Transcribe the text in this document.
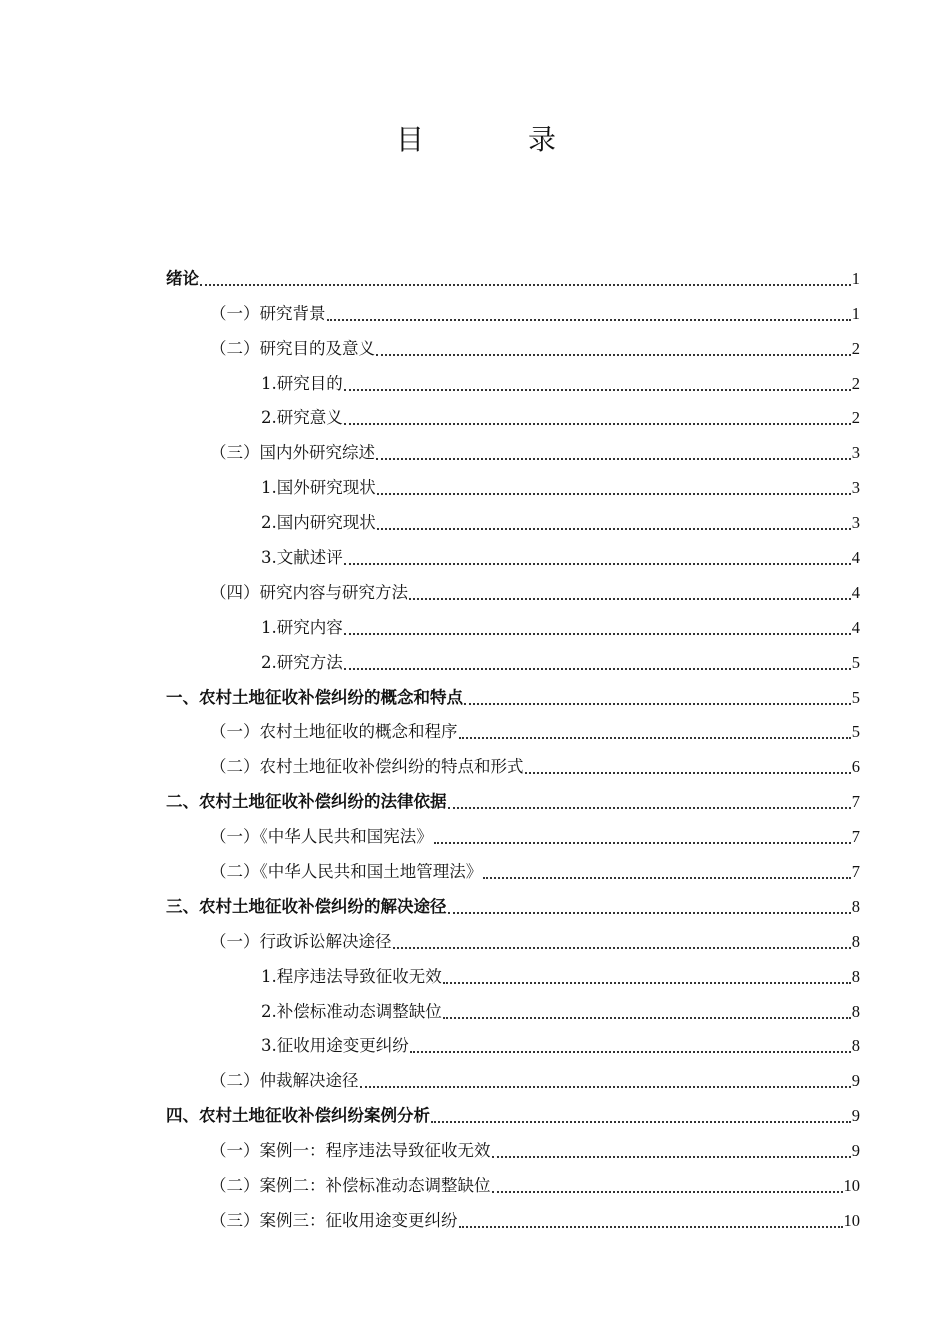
目　录
绪论	1
（一）研究背景	1
（二）研究目的及意义	2
1.研究目的	2
2.研究意义	2
（三）国内外研究综述	3
1.国外研究现状	3
2.国内研究现状	3
3.文献述评	4
（四）研究内容与研究方法	4
1.研究内容	4
2.研究方法	5
一、农村土地征收补偿纠纷的概念和特点	5
（一）农村土地征收的概念和程序	5
（二）农村土地征收补偿纠纷的特点和形式	6
二、农村土地征收补偿纠纷的法律依据	7
（一）《中华人民共和国宪法》	7
（二）《中华人民共和国土地管理法》	7
三、农村土地征收补偿纠纷的解决途径	8
（一）行政诉讼解决途径	8
1.程序违法导致征收无效	8
2.补偿标准动态调整缺位	8
3.征收用途变更纠纷	8
（二）仲裁解决途径	9
四、农村土地征收补偿纠纷案例分析	9
（一）案例一：程序违法导致征收无效	9
（二）案例二：补偿标准动态调整缺位	10
（三）案例三：征收用途变更纠纷	10
